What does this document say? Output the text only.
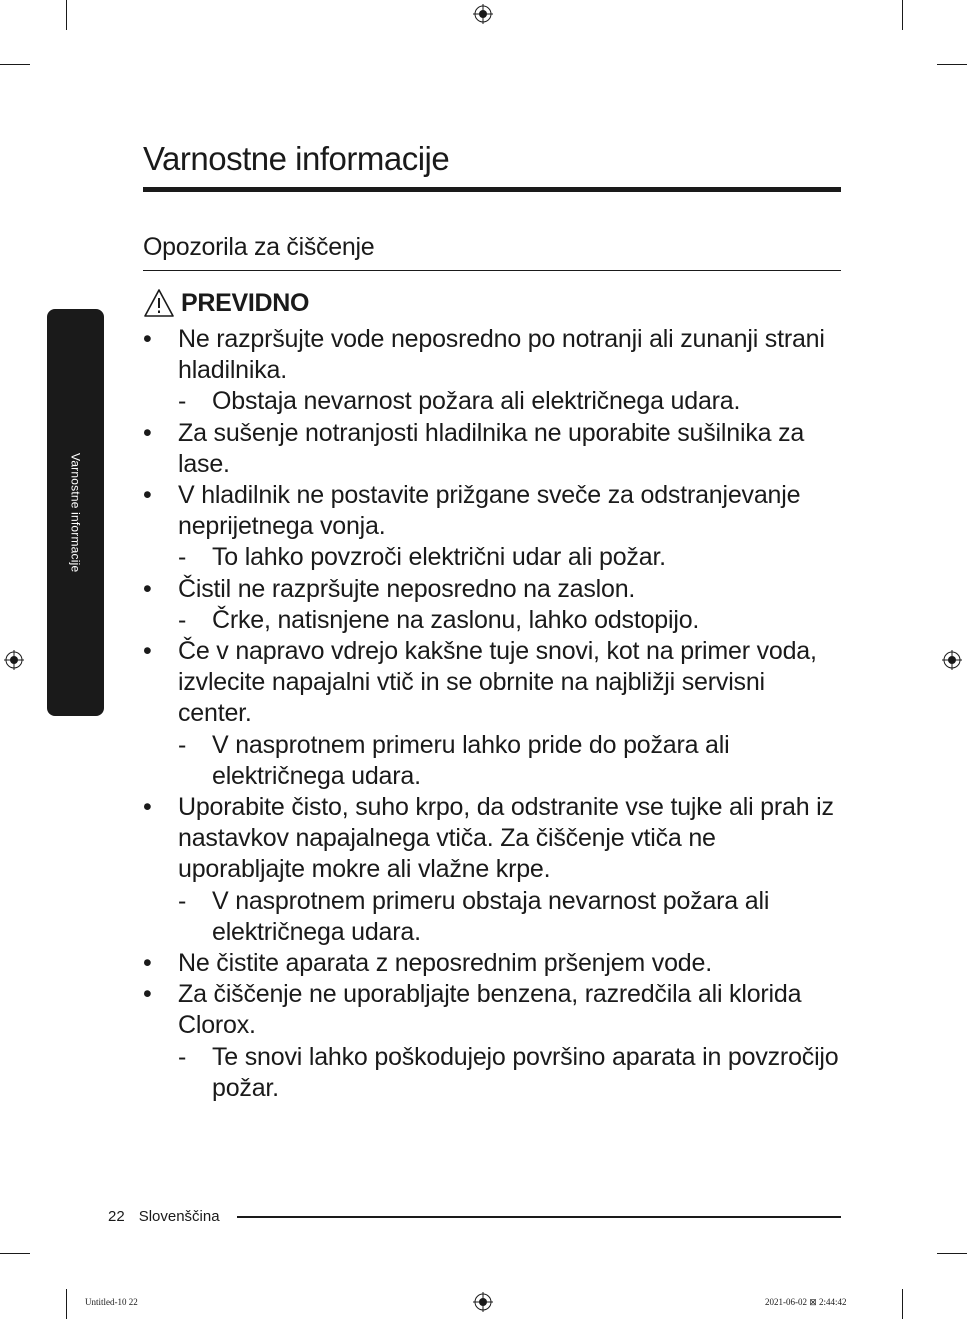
Varnostne informacije
Opozorila za čiščenje
PREVIDNO
Varnostne informacije
•	Ne razpršujte vode neposredno po notranji ali zunanji strani hladilnika.
- Obstaja nevarnost požara ali električnega udara.
•	Za sušenje notranjosti hladilnika ne uporabite sušilnika za lase.
•	V hladilnik ne postavite prižgane sveče za odstranjevanje neprijetnega vonja.
- To lahko povzroči električni udar ali požar.
•	Čistil ne razpršujte neposredno na zaslon.
- Črke, natisnjene na zaslonu, lahko odstopijo.
•	Če v napravo vdrejo kakšne tuje snovi, kot na primer voda, izvlecite napajalni vtič in se obrnite na najbližji servisni center.
- V nasprotnem primeru lahko pride do požara ali električnega udara.
•	Uporabite čisto, suho krpo, da odstranite vse tujke ali prah iz nastavkov napajalnega vtiča. Za čiščenje vtiča ne uporabljajte mokre ali vlažne krpe.
- V nasprotnem primeru obstaja nevarnost požara ali električnega udara.
•	Ne čistite aparata z neposrednim pršenjem vode.
•	Za čiščenje ne uporabljajte benzena, razredčila ali klorida Clorox.
- Te snovi lahko poškodujejo površino aparata in povzročijo požar.
22 Slovenščina
Untitled-10 22	2021-06-02 ⊠ 2:44:42
